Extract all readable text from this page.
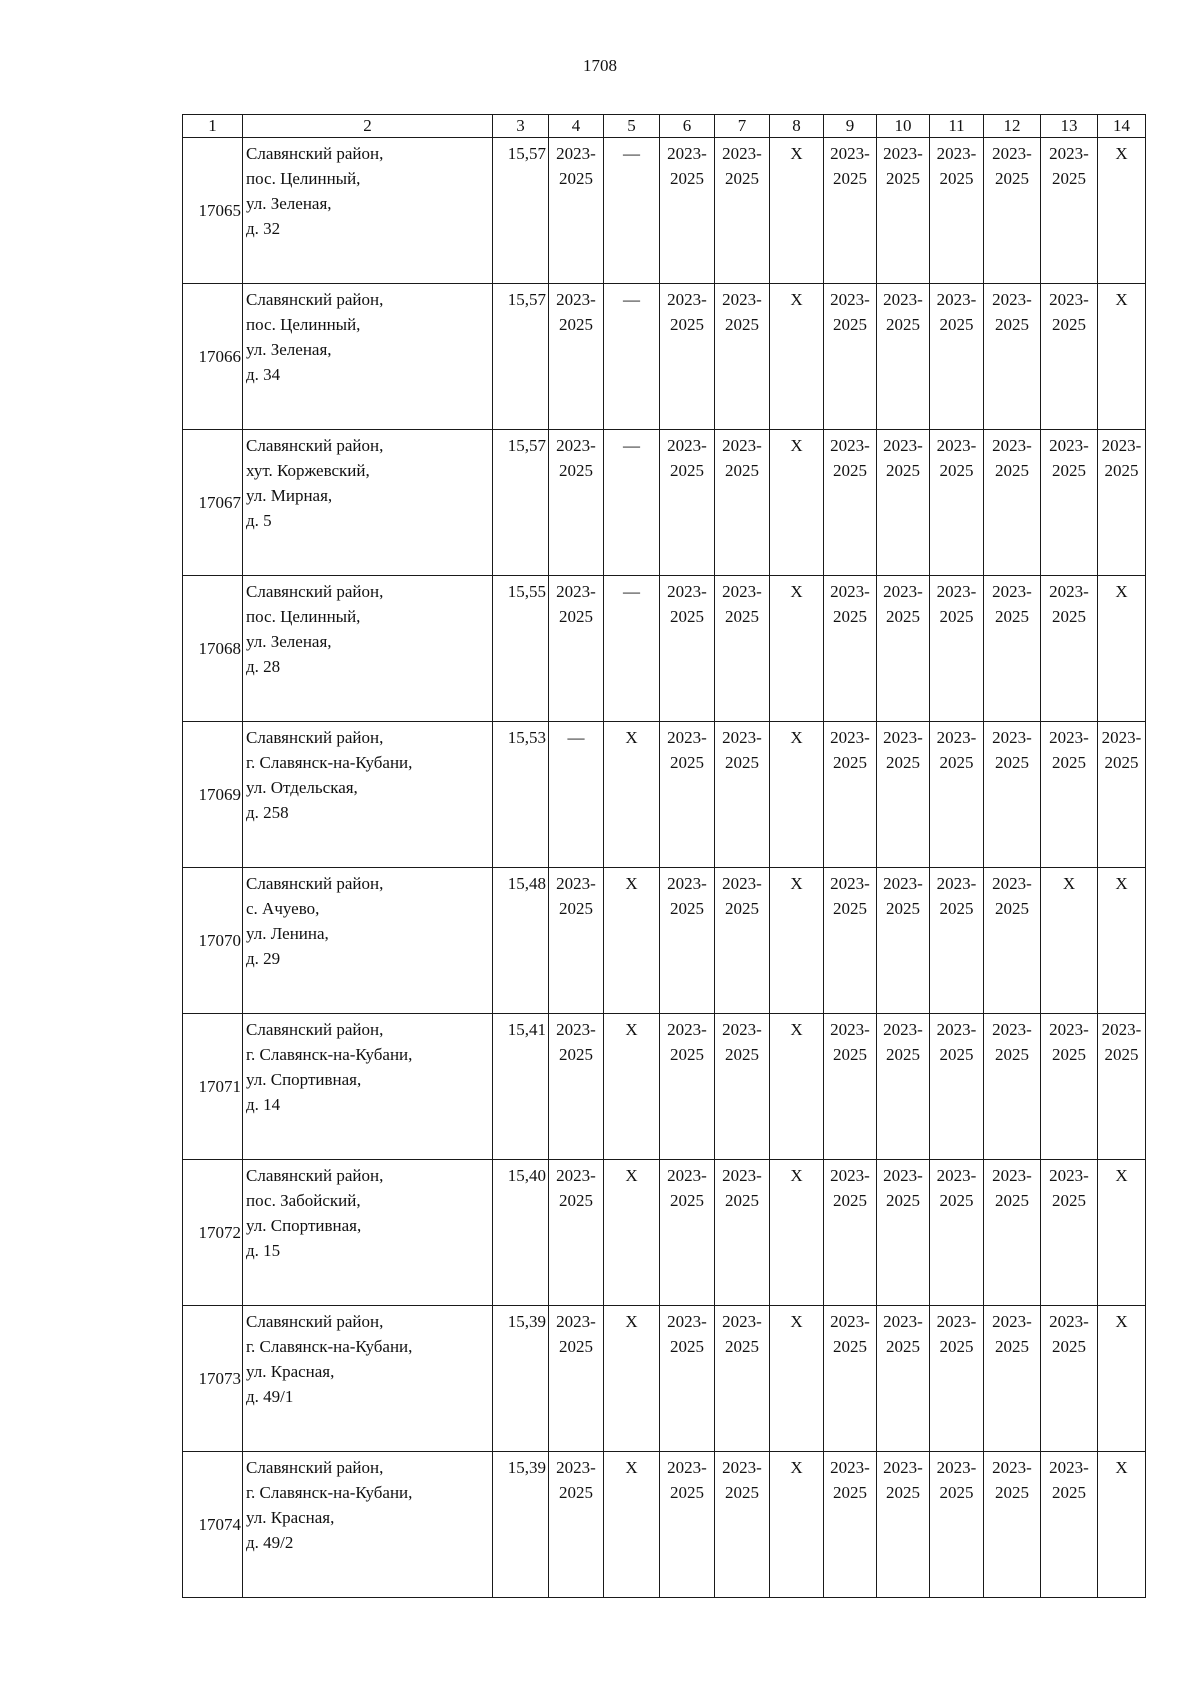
1708
1	2	3	4	5	6	7	8	9	10	11	12	13	14
17065	Славянский район,
пос. Целинный,
ул. Зеленая,
д. 32	15,57	2023-
2025	—	2023-
2025	2023-
2025	X	2023-
2025	2023-
2025	2023-
2025	2023-
2025	2023-
2025	X

17066	Славянский район,
пос. Целинный,
ул. Зеленая,
д. 34	15,57	2023-
2025	—	2023-
2025	2023-
2025	X	2023-
2025	2023-
2025	2023-
2025	2023-
2025	2023-
2025	X

17067	Славянский район,
хут. Коржевский,
ул. Мирная,
д. 5	15,57	2023-
2025	—	2023-
2025	2023-
2025	X	2023-
2025	2023-
2025	2023-
2025	2023-
2025	2023-
2025	2023-
2025

17068	Славянский район,
пос. Целинный,
ул. Зеленая,
д. 28	15,55	2023-
2025	—	2023-
2025	2023-
2025	X	2023-
2025	2023-
2025	2023-
2025	2023-
2025	2023-
2025	X

17069	Славянский район,
г. Славянск-на-Кубани,
ул. Отдельская,
д. 258	15,53	—	X	2023-
2025	2023-
2025	X	2023-
2025	2023-
2025	2023-
2025	2023-
2025	2023-
2025	2023-
2025

17070	Славянский район,
с. Ачуево,
ул. Ленина,
д. 29	15,48	2023-
2025	X	2023-
2025	2023-
2025	X	2023-
2025	2023-
2025	2023-
2025	2023-
2025	X	X

17071	Славянский район,
г. Славянск-на-Кубани,
ул. Спортивная,
д. 14	15,41	2023-
2025	X	2023-
2025	2023-
2025	X	2023-
2025	2023-
2025	2023-
2025	2023-
2025	2023-
2025	2023-
2025

17072	Славянский район,
пос. Забойский,
ул. Спортивная,
д. 15	15,40	2023-
2025	X	2023-
2025	2023-
2025	X	2023-
2025	2023-
2025	2023-
2025	2023-
2025	2023-
2025	X

17073	Славянский район,
г. Славянск-на-Кубани,
ул. Красная,
д. 49/1	15,39	2023-
2025	X	2023-
2025	2023-
2025	X	2023-
2025	2023-
2025	2023-
2025	2023-
2025	2023-
2025	X

17074	Славянский район,
г. Славянск-на-Кубани,
ул. Красная,
д. 49/2	15,39	2023-
2025	X	2023-
2025	2023-
2025	X	2023-
2025	2023-
2025	2023-
2025	2023-
2025	2023-
2025	X
